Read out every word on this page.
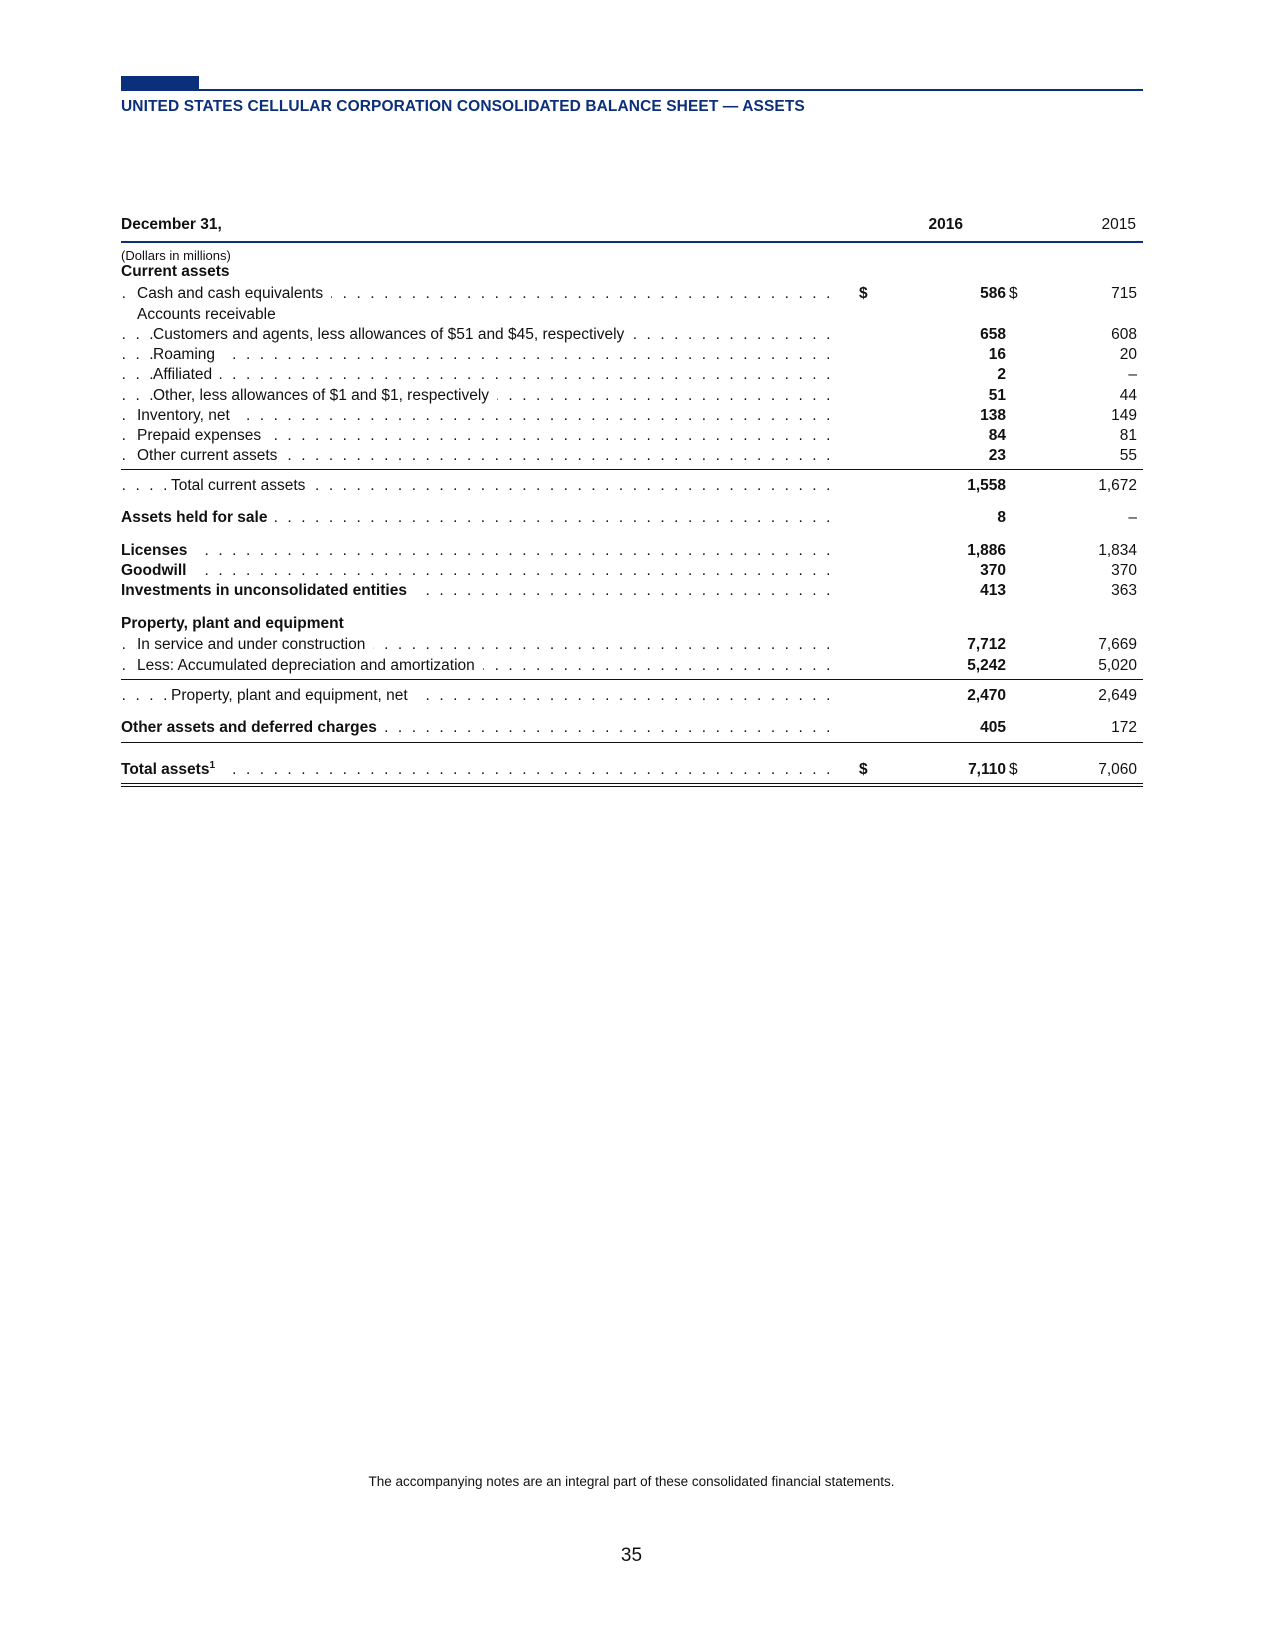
UNITED STATES CELLULAR CORPORATION CONSOLIDATED BALANCE SHEET — ASSETS
December 31,	2016	2015
(Dollars in millions)
Current assets
Cash and cash equivalents . . .	$	586 $	715
Accounts receivable
Customers and agents, less allowances of $51 and $45, respectively . . .	658	608
Roaming . . .	16	20
Affiliated . . .	2	–
Other, less allowances of $1 and $1, respectively . . .	51	44
Inventory, net . . .	138	149
Prepaid expenses . . .	84	81
Other current assets . . .	23	55
Total current assets . . .	1,558	1,672
Assets held for sale . . .	8	–
Licenses . . .	1,886	1,834
Goodwill . . .	370	370
Investments in unconsolidated entities . . .	413	363
Property, plant and equipment
In service and under construction . . .	7,712	7,669
Less: Accumulated depreciation and amortization . . .	5,242	5,020
Property, plant and equipment, net . . .	2,470	2,649
Other assets and deferred charges . . .	405	172
Total assets$^1$ . . .	$	7,110 $	7,060
The accompanying notes are an integral part of these consolidated financial statements.
35
